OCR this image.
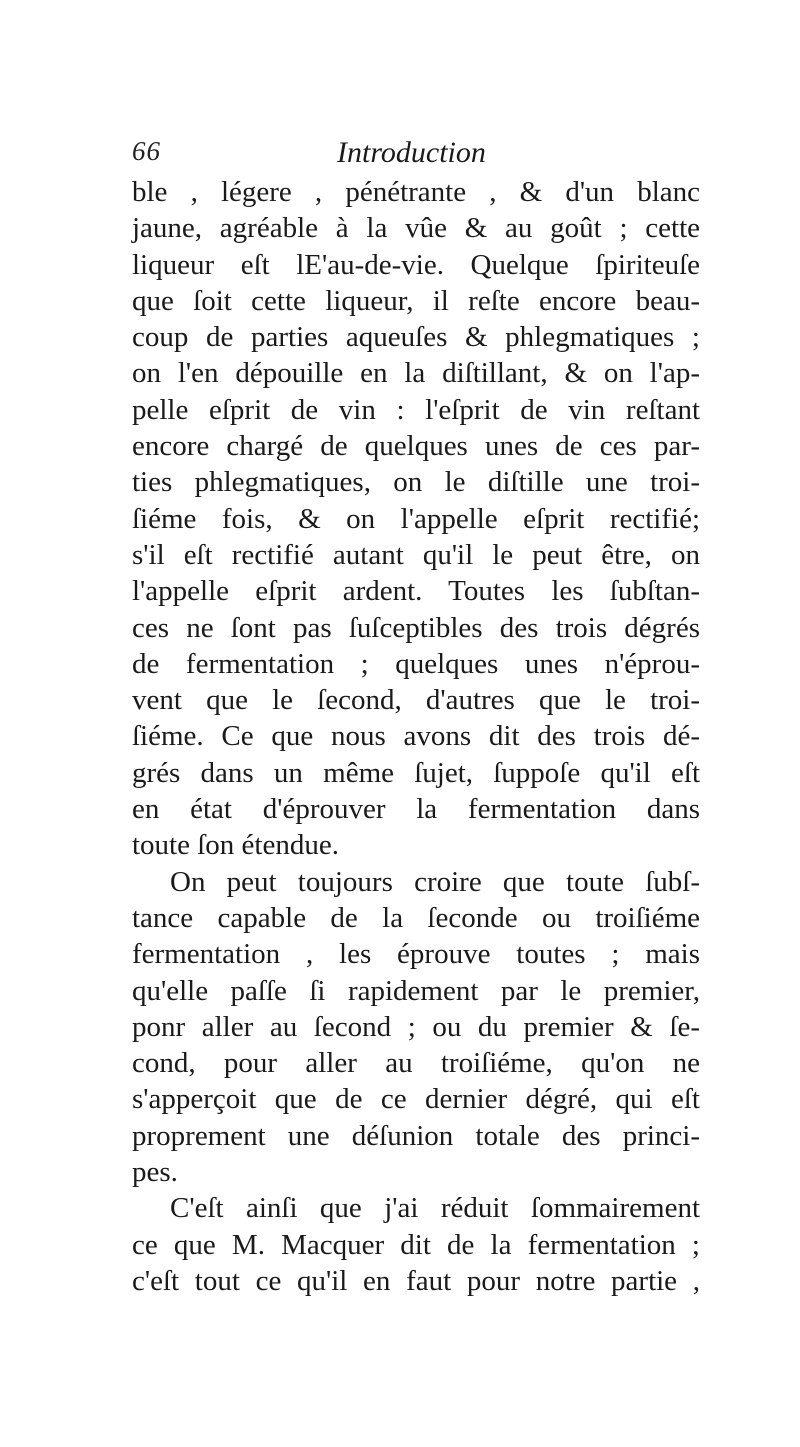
66	Introduction
ble , légere , pénétrante , & d'un blanc
jaune, agréable à la vûe & au goût ; cette
liqueur eſt lE'au-de-vie. Quelque ſpiriteuſe
que ſoit cette liqueur, il reſte encore beau-
coup de parties aqueuſes & phlegmatiques ;
on l'en dépouille en la diſtillant, & on l'ap-
pelle eſprit de vin : l'eſprit de vin reſtant
encore chargé de quelques unes de ces par-
ties phlegmatiques, on le diſtille une troi-
ſiéme fois, & on l'appelle eſprit rectifié;
s'il eſt rectifié autant qu'il le peut être, on
l'appelle eſprit ardent. Toutes les ſubſtan-
ces ne ſont pas ſuſceptibles des trois dégrés
de fermentation ; quelques unes n'éprou-
vent que le ſecond, d'autres que le troi-
ſiéme. Ce que nous avons dit des trois dé-
grés dans un même ſujet, ſuppoſe qu'il eſt
en état d'éprouver la fermentation dans
toute ſon étendue.
On peut toujours croire que toute ſubſ-
tance capable de la ſeconde ou troiſiéme
fermentation , les éprouve toutes ; mais
qu'elle paſſe ſi rapidement par le premier,
ponr aller au ſecond ; ou du premier & ſe-
cond, pour aller au troiſiéme, qu'on ne
s'apperçoit que de ce dernier dégré, qui eſt
proprement une déſunion totale des princi-
pes.
C'eſt ainſi que j'ai réduit ſommairement
ce que M. Macquer dit de la fermentation ;
c'eſt tout ce qu'il en faut pour notre partie ,
